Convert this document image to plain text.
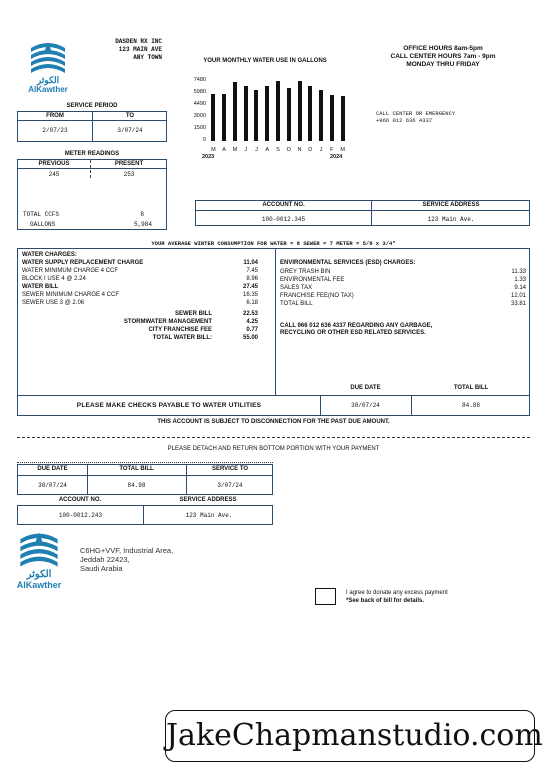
الكوثر
AlKawther
DASDEN RX INC
123 MAIN AVE
ANY TOWN
OFFICE HOURS 8am-5pm
CALL CENTER HOURS 7am - 9pm
MONDAY THRU FRIDAY
CALL CENTER OR EMERGENCY
+966 012 636 4337
SERVICE PERIOD
FROM	TO
2/07/23	3/07/24
METER READINGS
PREVIOUS	PRESENT
245	253
TOTAL CCFS	8
GALLONS	5,984
YOUR MONTHLY WATER USE IN GALLONS
7480
5980
4490
3000
1500
0
M A M J J A S O N D J F M
2023	2024
ACCOUNT NO.	SERVICE ADDRESS
100-0012.345	123 Main Ave.
YOUR AVERAGE WINTER CONSUMPTION FOR WATER = 8 SEWER = 7 METER = 5/8 x 3/4"
WATER CHARGES:
WATER SUPPLY REPLACEMENT CHARGE	11.04
WATER MINIMUM CHARGE 4 CCF	7.45
BLOCK I USE 4 @ 2.24	8.96
WATER BILL	27.45
SEWER MINIMUM CHARGE 4 CCF	16.35
SEWER USE 3 @ 2.06	6.18
SEWER BILL	22.53
STORMWATER MANAGEMENT	4.25
CITY FRANCHISE FEE	0.77
TOTAL WATER BILL:	55.00
ENVIRONMENTAL SERVICES (ESD) CHARGES:
GREY TRASH BIN	11.33
ENVIRONMENTAL FEE	1.33
SALES TAX	9.14
FRANCHISE FEE(NO TAX)	12.01
TOTAL BILL	33.81
CALL 966 012 636 4337 REGARDING ANY GARBAGE,
RECYCLING OR OTHER ESD RELATED SERVICES.
DUE DATE	TOTAL BILL
PLEASE MAKE CHECKS PAYABLE TO WATER UTILITIES	30/07/24	84.88
THIS ACCOUNT IS SUBJECT TO DISCONNECTION FOR THE PAST DUE AMOUNT.
PLEASE DETACH AND RETURN BOTTOM PORTION WITH YOUR PAYMENT
DUE DATE	TOTAL BILL	SERVICE TO
30/07/24	84.98	3/07/24
ACCOUNT NO.	SERVICE ADDRESS
100-0012.243	123 Main Ave.
الكوثر
AlKawther
C6HG+VVF, Industrial Area,
Jeddah 22423,
Saudi Arabia
I agree to donate any excess payment
*See back of bill for details.
JakeChapmanstudio.com
